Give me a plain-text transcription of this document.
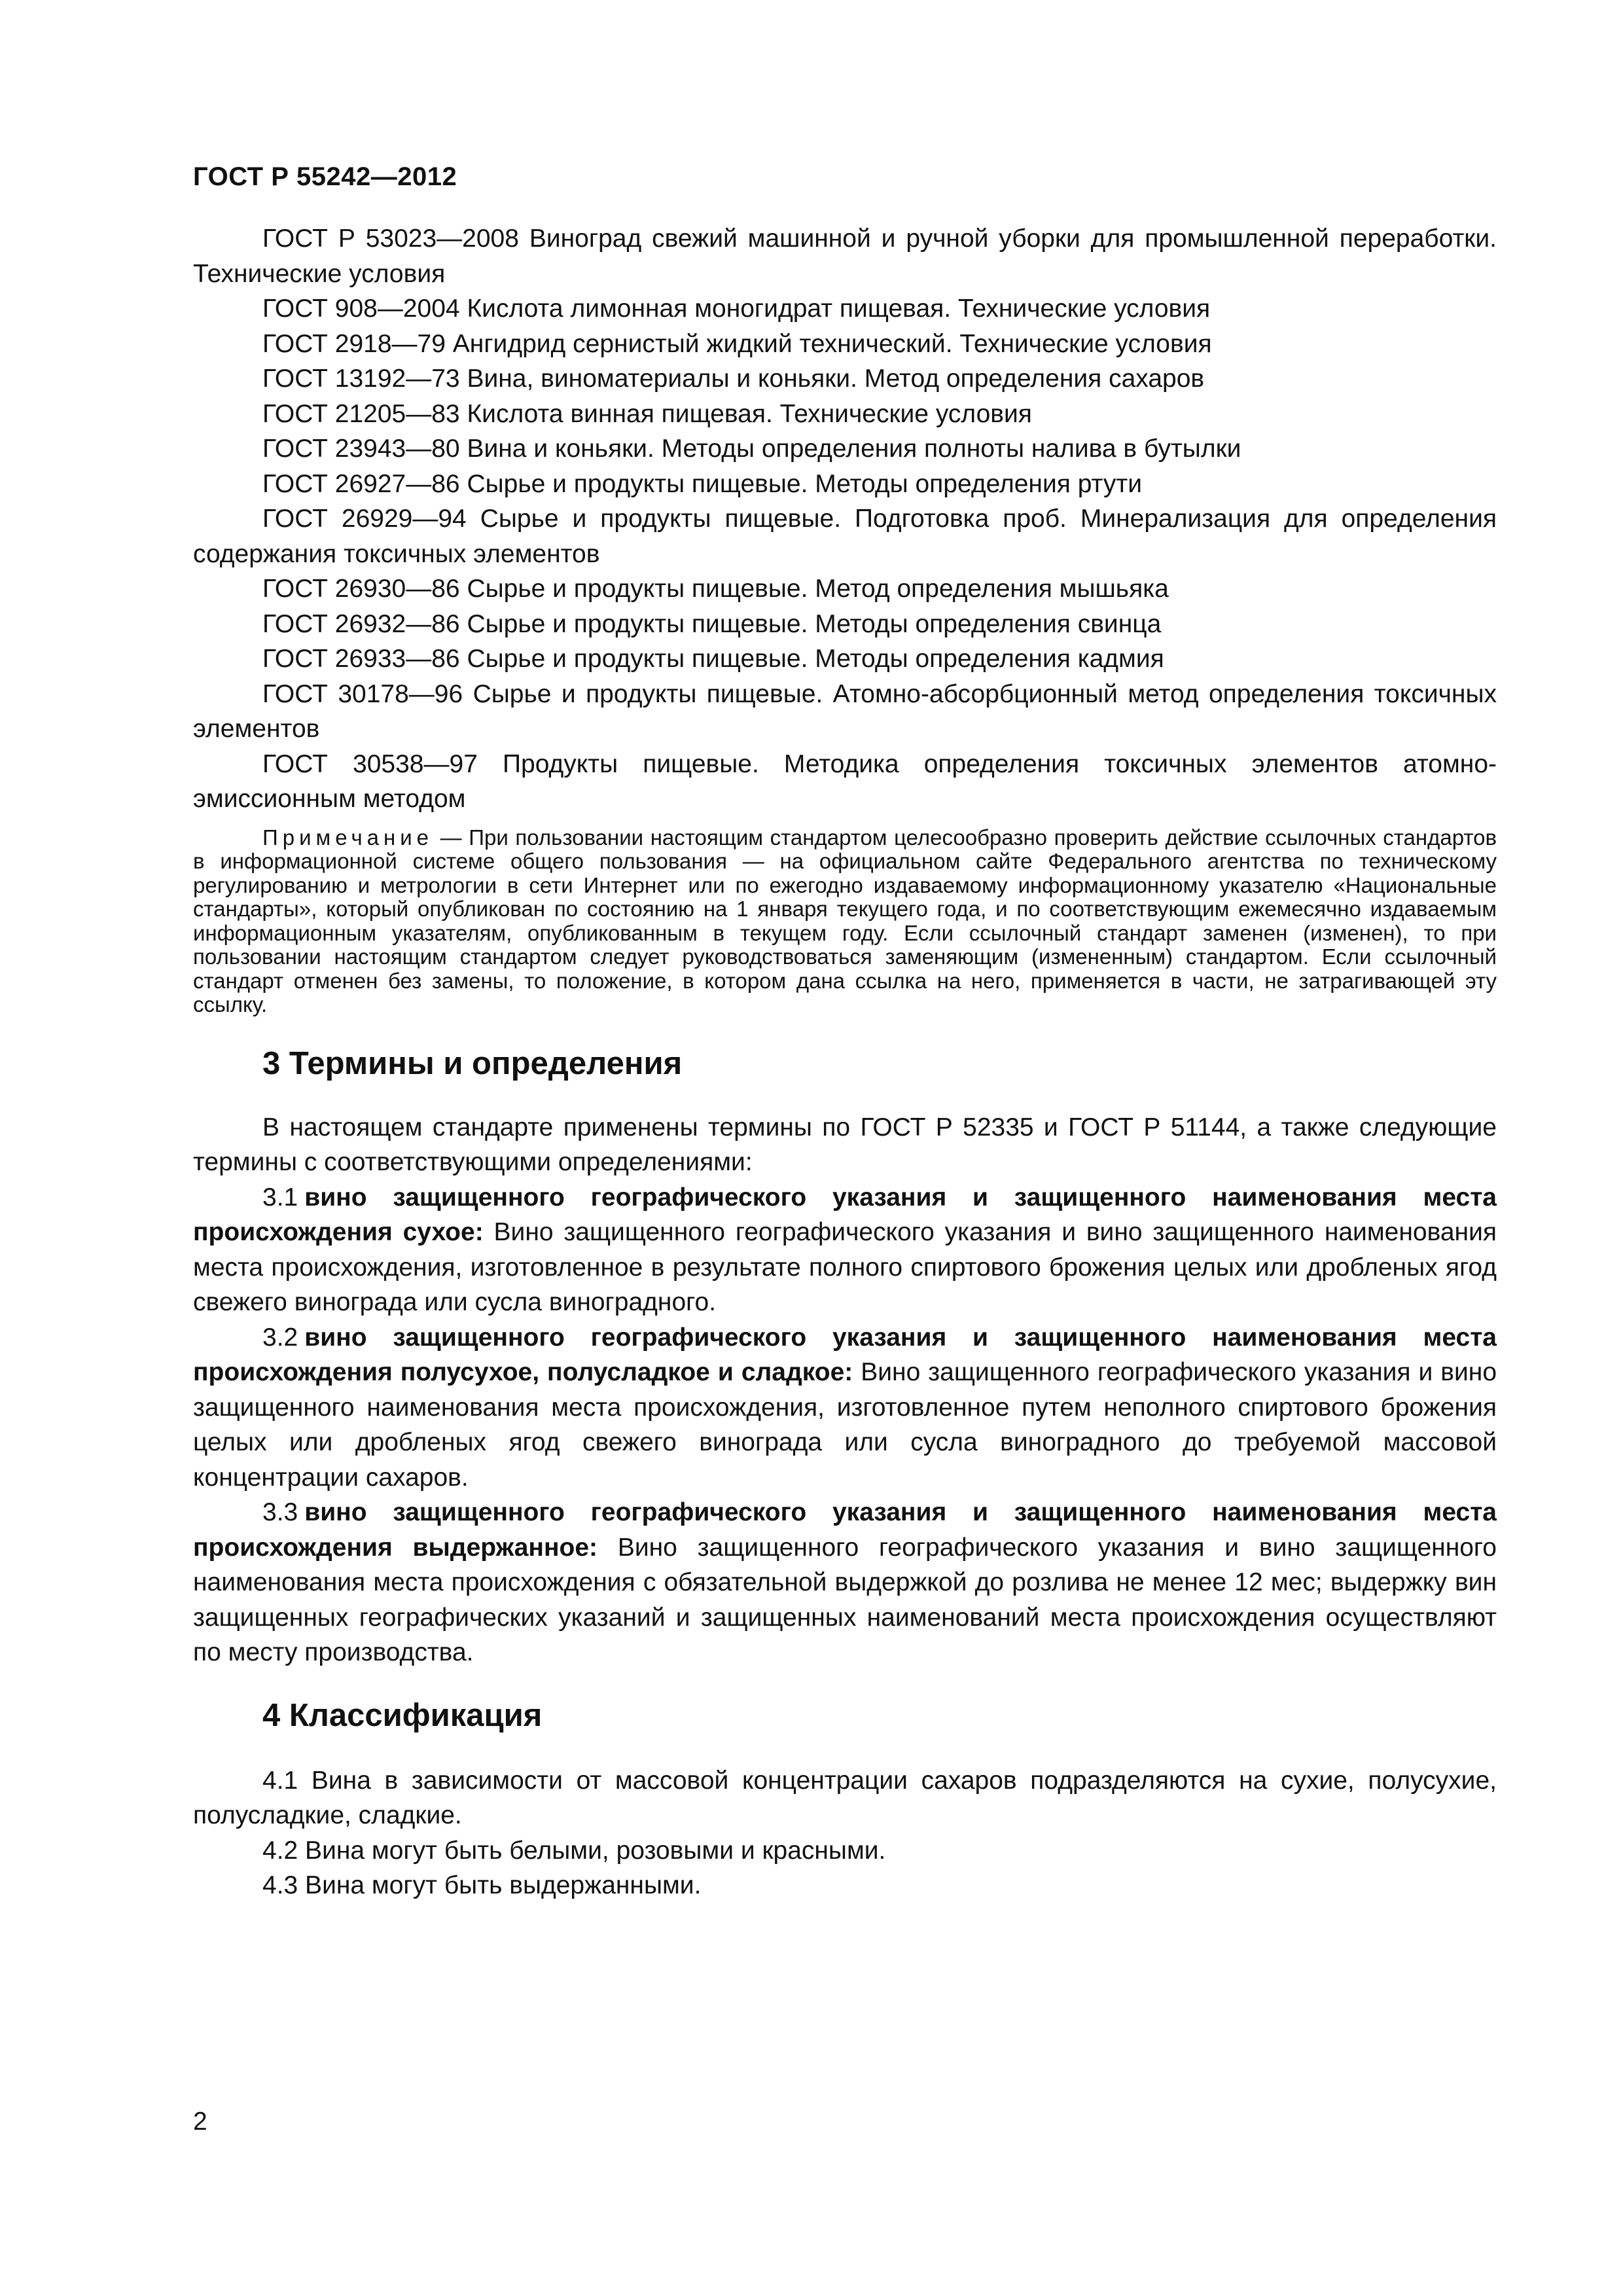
ГОСТ Р 55242—2012

ГОСТ Р 53023—2008 Виноград свежий машинной и ручной уборки для промышленной переработки. Технические условия

ГОСТ 908—2004 Кислота лимонная моногидрат пищевая. Технические условия

ГОСТ 2918—79 Ангидрид сернистый жидкий технический. Технические условия

ГОСТ 13192—73 Вина, виноматериалы и коньяки. Метод определения сахаров

ГОСТ 21205—83 Кислота винная пищевая. Технические условия

ГОСТ 23943—80 Вина и коньяки. Методы определения полноты налива в бутылки

ГОСТ 26927—86 Сырье и продукты пищевые. Методы определения ртути

ГОСТ 26929—94 Сырье и продукты пищевые. Подготовка проб. Минерализация для определения содержания токсичных элементов

ГОСТ 26930—86 Сырье и продукты пищевые. Метод определения мышьяка

ГОСТ 26932—86 Сырье и продукты пищевые. Методы определения свинца

ГОСТ 26933—86 Сырье и продукты пищевые. Методы определения кадмия

ГОСТ 30178—96 Сырье и продукты пищевые. Атомно-абсорбционный метод определения токсичных элементов

ГОСТ 30538—97 Продукты пищевые. Методика определения токсичных элементов атомно-эмиссионным методом

Примечание — При пользовании настоящим стандартом целесообразно проверить действие ссылочных стандартов в информационной системе общего пользования — на официальном сайте Федерального агентства по техническому регулированию и метрологии в сети Интернет или по ежегодно издаваемому информационному указателю «Национальные стандарты», который опубликован по состоянию на 1 января текущего года, и по соответствующим ежемесячно издаваемым информационным указателям, опубликованным в текущем году. Если ссылочный стандарт заменен (изменен), то при пользовании настоящим стандартом следует руководствоваться заменяющим (измененным) стандартом. Если ссылочный стандарт отменен без замены, то положение, в котором дана ссылка на него, применяется в части, не затрагивающей эту ссылку.

3 Термины и определения

В настоящем стандарте применены термины по ГОСТ Р 52335 и ГОСТ Р 51144, а также следующие термины с соответствующими определениями:

3.1 вино защищенного географического указания и защищенного наименования места происхождения сухое: Вино защищенного географического указания и вино защищенного наименования места происхождения, изготовленное в результате полного спиртового брожения целых или дробленых ягод свежего винограда или сусла виноградного.

3.2 вино защищенного географического указания и защищенного наименования места происхождения полусухое, полусладкое и сладкое: Вино защищенного географического указания и вино защищенного наименования места происхождения, изготовленное путем неполного спиртового брожения целых или дробленых ягод свежего винограда или сусла виноградного до требуемой массовой концентрации сахаров.

3.3 вино защищенного географического указания и защищенного наименования места происхождения выдержанное: Вино защищенного географического указания и вино защищенного наименования места происхождения с обязательной выдержкой до розлива не менее 12 мес; выдержку вин защищенных географических указаний и защищенных наименований места происхождения осуществляют по месту производства.

4 Классификация

4.1 Вина в зависимости от массовой концентрации сахаров подразделяются на сухие, полусухие, полусладкие, сладкие.

4.2 Вина могут быть белыми, розовыми и красными.

4.3 Вина могут быть выдержанными.

2
